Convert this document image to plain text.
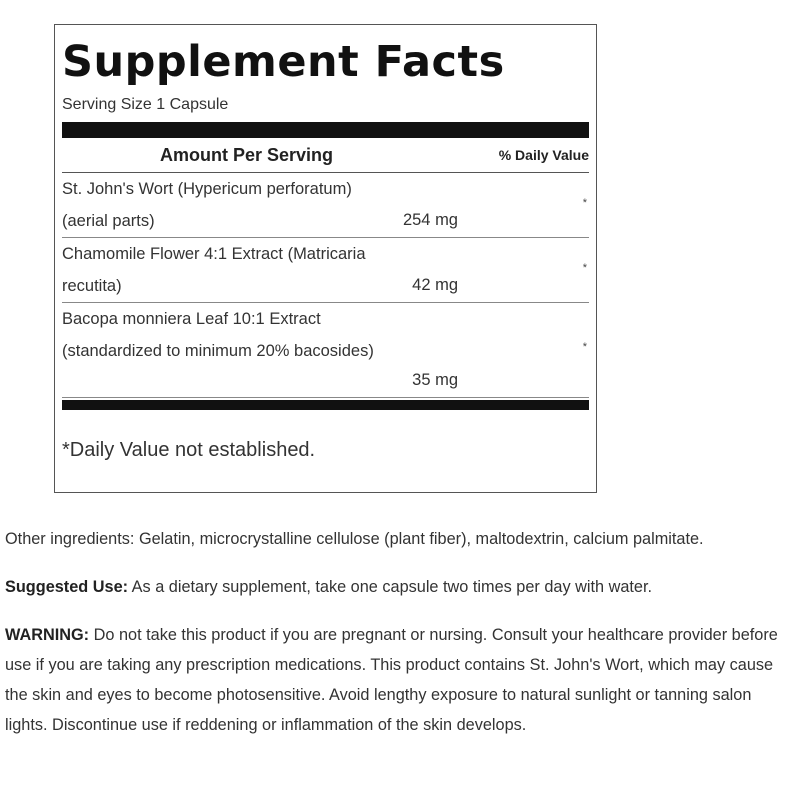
Supplement Facts
Serving Size 1 Capsule
Amount Per Serving	% Daily Value
St. John's Wort (Hypericum perforatum)
(aerial parts)	254 mg
*
Chamomile Flower 4:1 Extract (Matricaria
recutita)	42 mg
*
Bacopa monniera Leaf 10:1 Extract
(standardized to minimum 20% bacosides)
35 mg
*
*Daily Value not established.
Other ingredients: Gelatin, microcrystalline cellulose (plant fiber), maltodextrin, calcium palmitate.
Suggested Use: As a dietary supplement, take one capsule two times per day with water.
WARNING: Do not take this product if you are pregnant or nursing. Consult your healthcare provider before use if you are taking any prescription medications. This product contains St. John's Wort, which may cause the skin and eyes to become photosensitive. Avoid lengthy exposure to natural sunlight or tanning salon lights. Discontinue use if reddening or inflammation of the skin develops.
